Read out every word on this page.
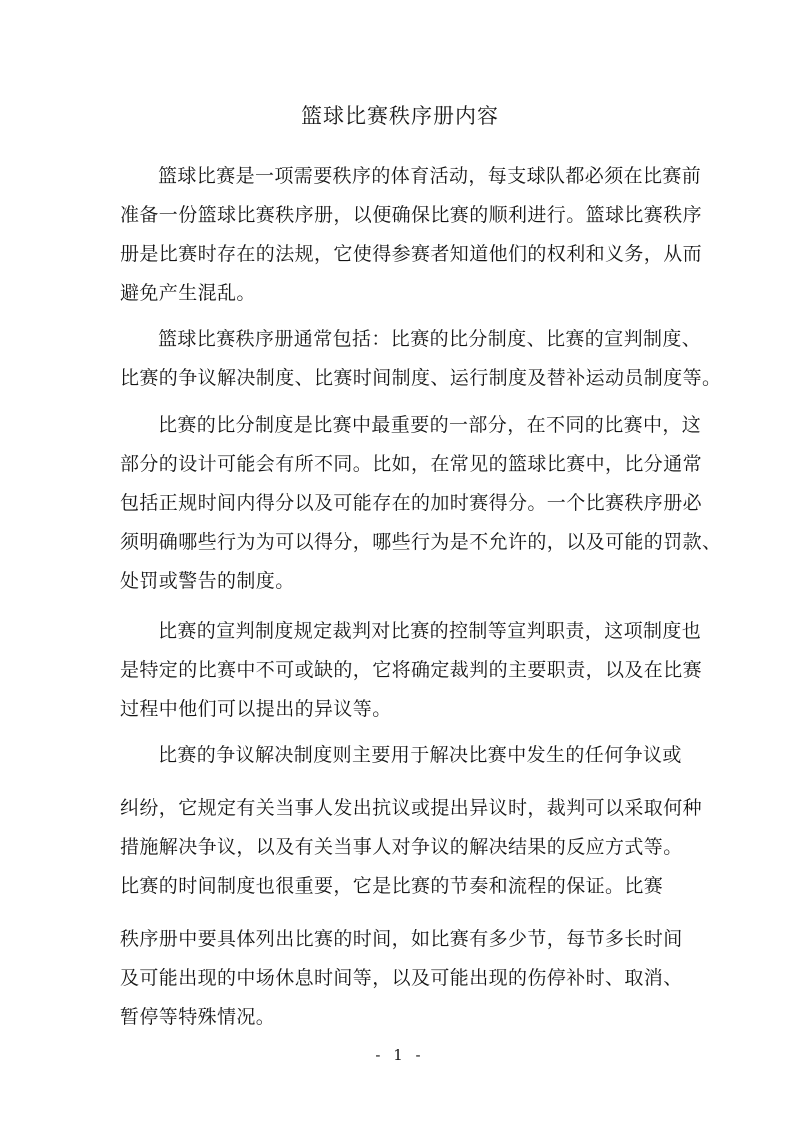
篮球比赛秩序册内容
篮球比赛是一项需要秩序的体育活动，每支球队都必须在比赛前
准备一份篮球比赛秩序册，以便确保比赛的顺利进行。篮球比赛秩序
册是比赛时存在的法规，它使得参赛者知道他们的权利和义务，从而
避免产生混乱。
篮球比赛秩序册通常包括：比赛的比分制度、比赛的宣判制度、
比赛的争议解决制度、比赛时间制度、运行制度及替补运动员制度等。
比赛的比分制度是比赛中最重要的一部分，在不同的比赛中，这
部分的设计可能会有所不同。比如，在常见的篮球比赛中，比分通常
包括正规时间内得分以及可能存在的加时赛得分。一个比赛秩序册必
须明确哪些行为为可以得分，哪些行为是不允许的，以及可能的罚款、
处罚或警告的制度。
比赛的宣判制度规定裁判对比赛的控制等宣判职责，这项制度也
是特定的比赛中不可或缺的，它将确定裁判的主要职责，以及在比赛
过程中他们可以提出的异议等。
比赛的争议解决制度则主要用于解决比赛中发生的任何争议或
纠纷，它规定有关当事人发出抗议或提出异议时，裁判可以采取何种
措施解决争议，以及有关当事人对争议的解决结果的反应方式等。
比赛的时间制度也很重要，它是比赛的节奏和流程的保证。比赛
秩序册中要具体列出比赛的时间，如比赛有多少节，每节多长时间
及可能出现的中场休息时间等，以及可能出现的伤停补时、取消、
暂停等特殊情况。
- 1 -
